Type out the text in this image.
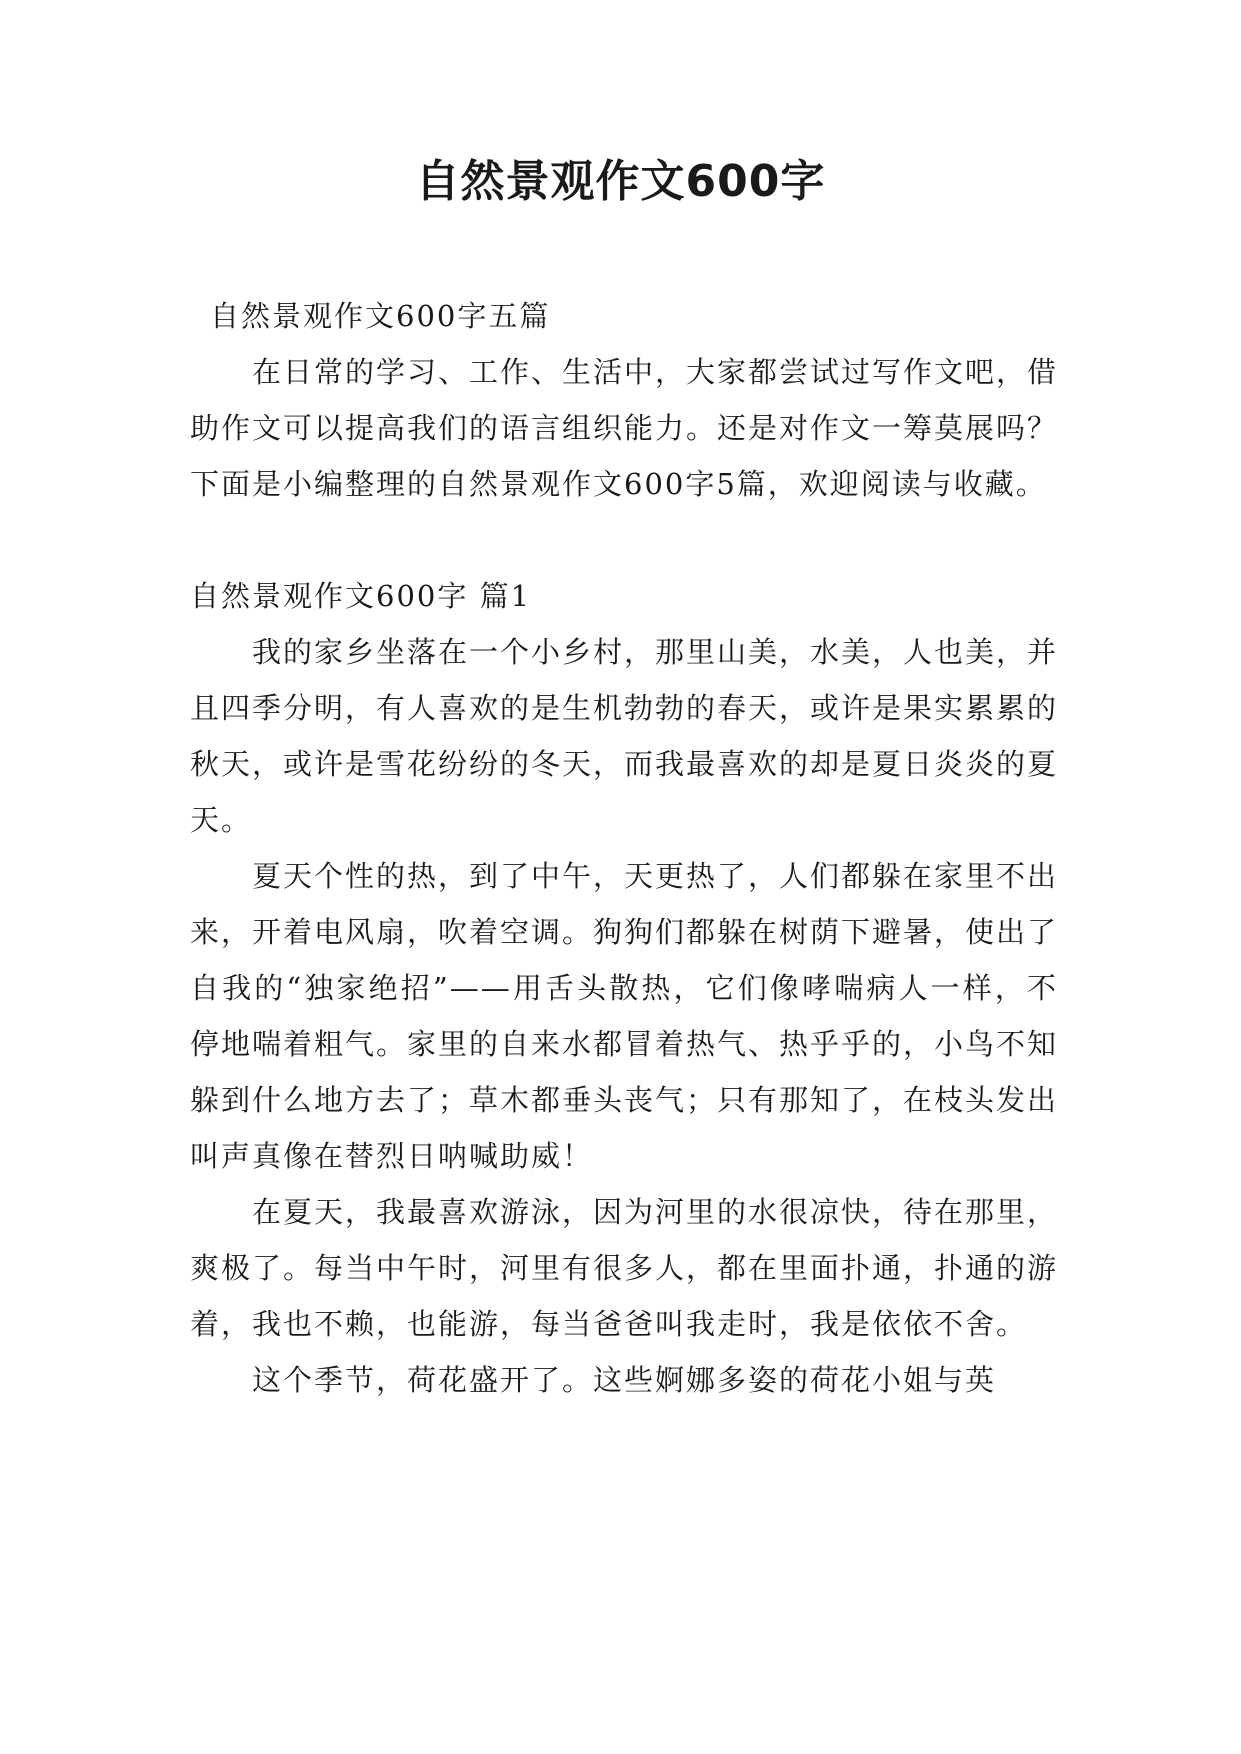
自然景观作文600字

自然景观作文600字五篇

在日常的学习、工作、生活中，大家都尝试过写作文吧，借助作文可以提高我们的语言组织能力。还是对作文一筹莫展吗？下面是小编整理的自然景观作文600字5篇，欢迎阅读与收藏。

自然景观作文600字 篇1

我的家乡坐落在一个小乡村，那里山美，水美，人也美，并且四季分明，有人喜欢的是生机勃勃的春天，或许是果实累累的秋天，或许是雪花纷纷的冬天，而我最喜欢的却是夏日炎炎的夏天。

夏天个性的热，到了中午，天更热了，人们都躲在家里不出来，开着电风扇，吹着空调。狗狗们都躲在树荫下避暑，使出了自我的“独家绝招”——用舌头散热，它们像哮喘病人一样，不停地喘着粗气。家里的自来水都冒着热气、热乎乎的，小鸟不知躲到什么地方去了；草木都垂头丧气；只有那知了，在枝头发出叫声真像在替烈日呐喊助威！

在夏天，我最喜欢游泳，因为河里的水很凉快，待在那里，爽极了。每当中午时，河里有很多人，都在里面扑通，扑通的游着，我也不赖，也能游，每当爸爸叫我走时，我是依依不舍。

这个季节，荷花盛开了。这些婀娜多姿的荷花小姐与英
